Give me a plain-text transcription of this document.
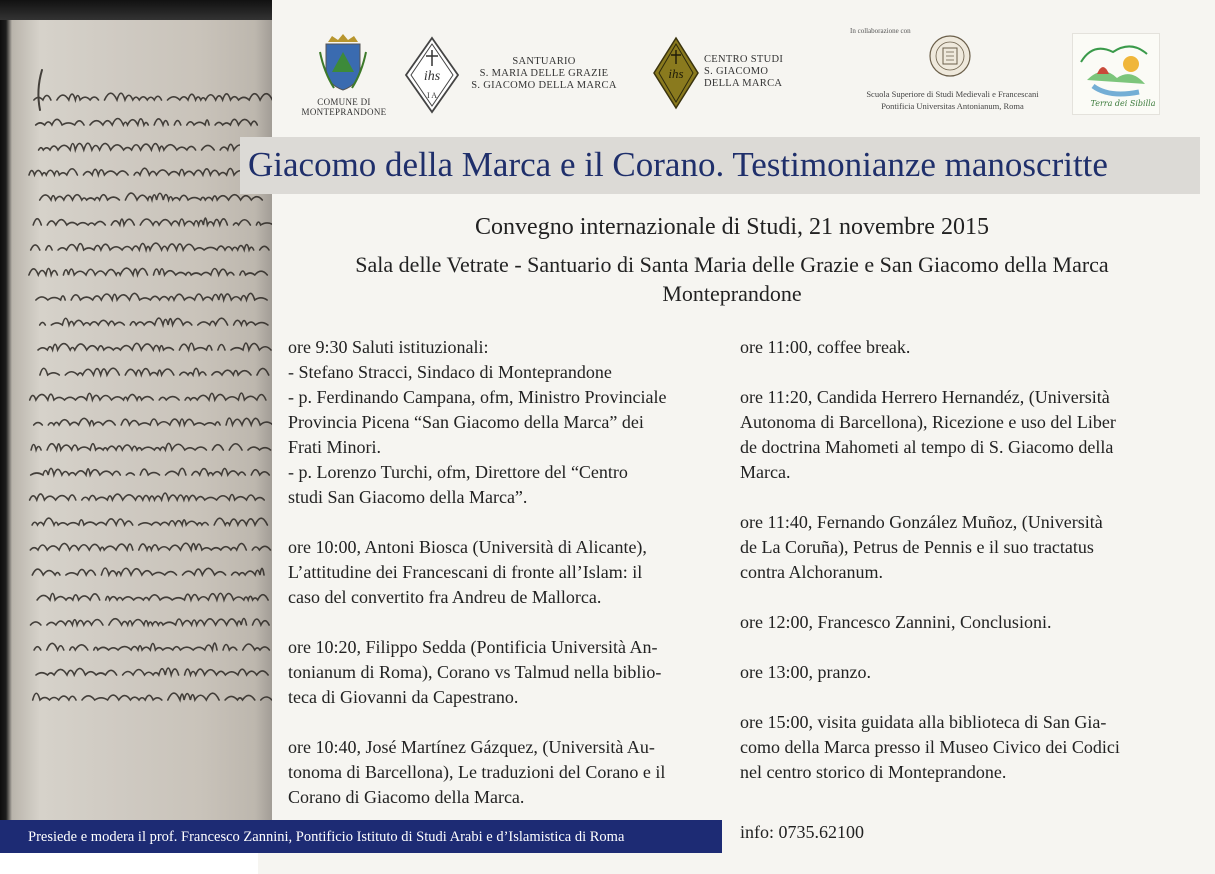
COMUNE DI
MONTEPRANDONE
ihs
I A
SANTUARIO
S. MARIA DELLE GRAZIE
S. GIACOMO DELLA MARCA
ihs
CENTRO STUDI
S. GIACOMO
DELLA MARCA
In collaborazione con
Scuola Superiore di Studi Medievali e Francescani
Pontificia Universitas Antonianum, Roma	Terra dei Sibilla
Giacomo della Marca e il Corano. Testimonianze manoscritte
Convegno internazionale di Studi, 21 novembre 2015
Sala delle Vetrate - Santuario di Santa Maria delle Grazie e San Giacomo della Marca
Monteprandone

ore 9:30 Saluti istituzionali:
- Stefano Stracci, Sindaco di Monteprandone
- p. Ferdinando Campana, ofm, Ministro Provinciale
Provincia Picena “San Giacomo della Marca” dei
Frati Minori.
- p. Lorenzo Turchi, ofm, Direttore del “Centro
studi San Giacomo della Marca”.

ore 10:00, Antoni Biosca (Università di Alicante),
L’attitudine dei Francescani di fronte all’Islam: il
caso del convertito fra Andreu de Mallorca.

ore 10:20, Filippo Sedda (Pontificia Università An-
tonianum di Roma), Corano vs Talmud nella biblio-
teca di Giovanni da Capestrano.

ore 10:40, José Martínez Gázquez, (Università Au-
tonoma di Barcellona), Le traduzioni del Corano e il
Corano di Giacomo della Marca.

ore 11:00, coffee break.

ore 11:20, Candida Herrero Hernandéz, (Università
Autonoma di Barcellona), Ricezione e uso del Liber
de doctrina Mahometi al tempo di S. Giacomo della
Marca.

ore 11:40, Fernando González Muñoz, (Università
de La Coruña), Petrus de Pennis e il suo tractatus
contra Alchoranum.

ore 12:00, Francesco Zannini, Conclusioni.

ore 13:00, pranzo.

ore 15:00, visita guidata alla biblioteca di San Gia-
como della Marca presso il Museo Civico dei Codici
nel centro storico di Monteprandone.

info: 0735.62100
Presiede e modera il prof. Francesco Zannini, Pontificio Istituto di Studi Arabi e d’Islamistica di Roma
